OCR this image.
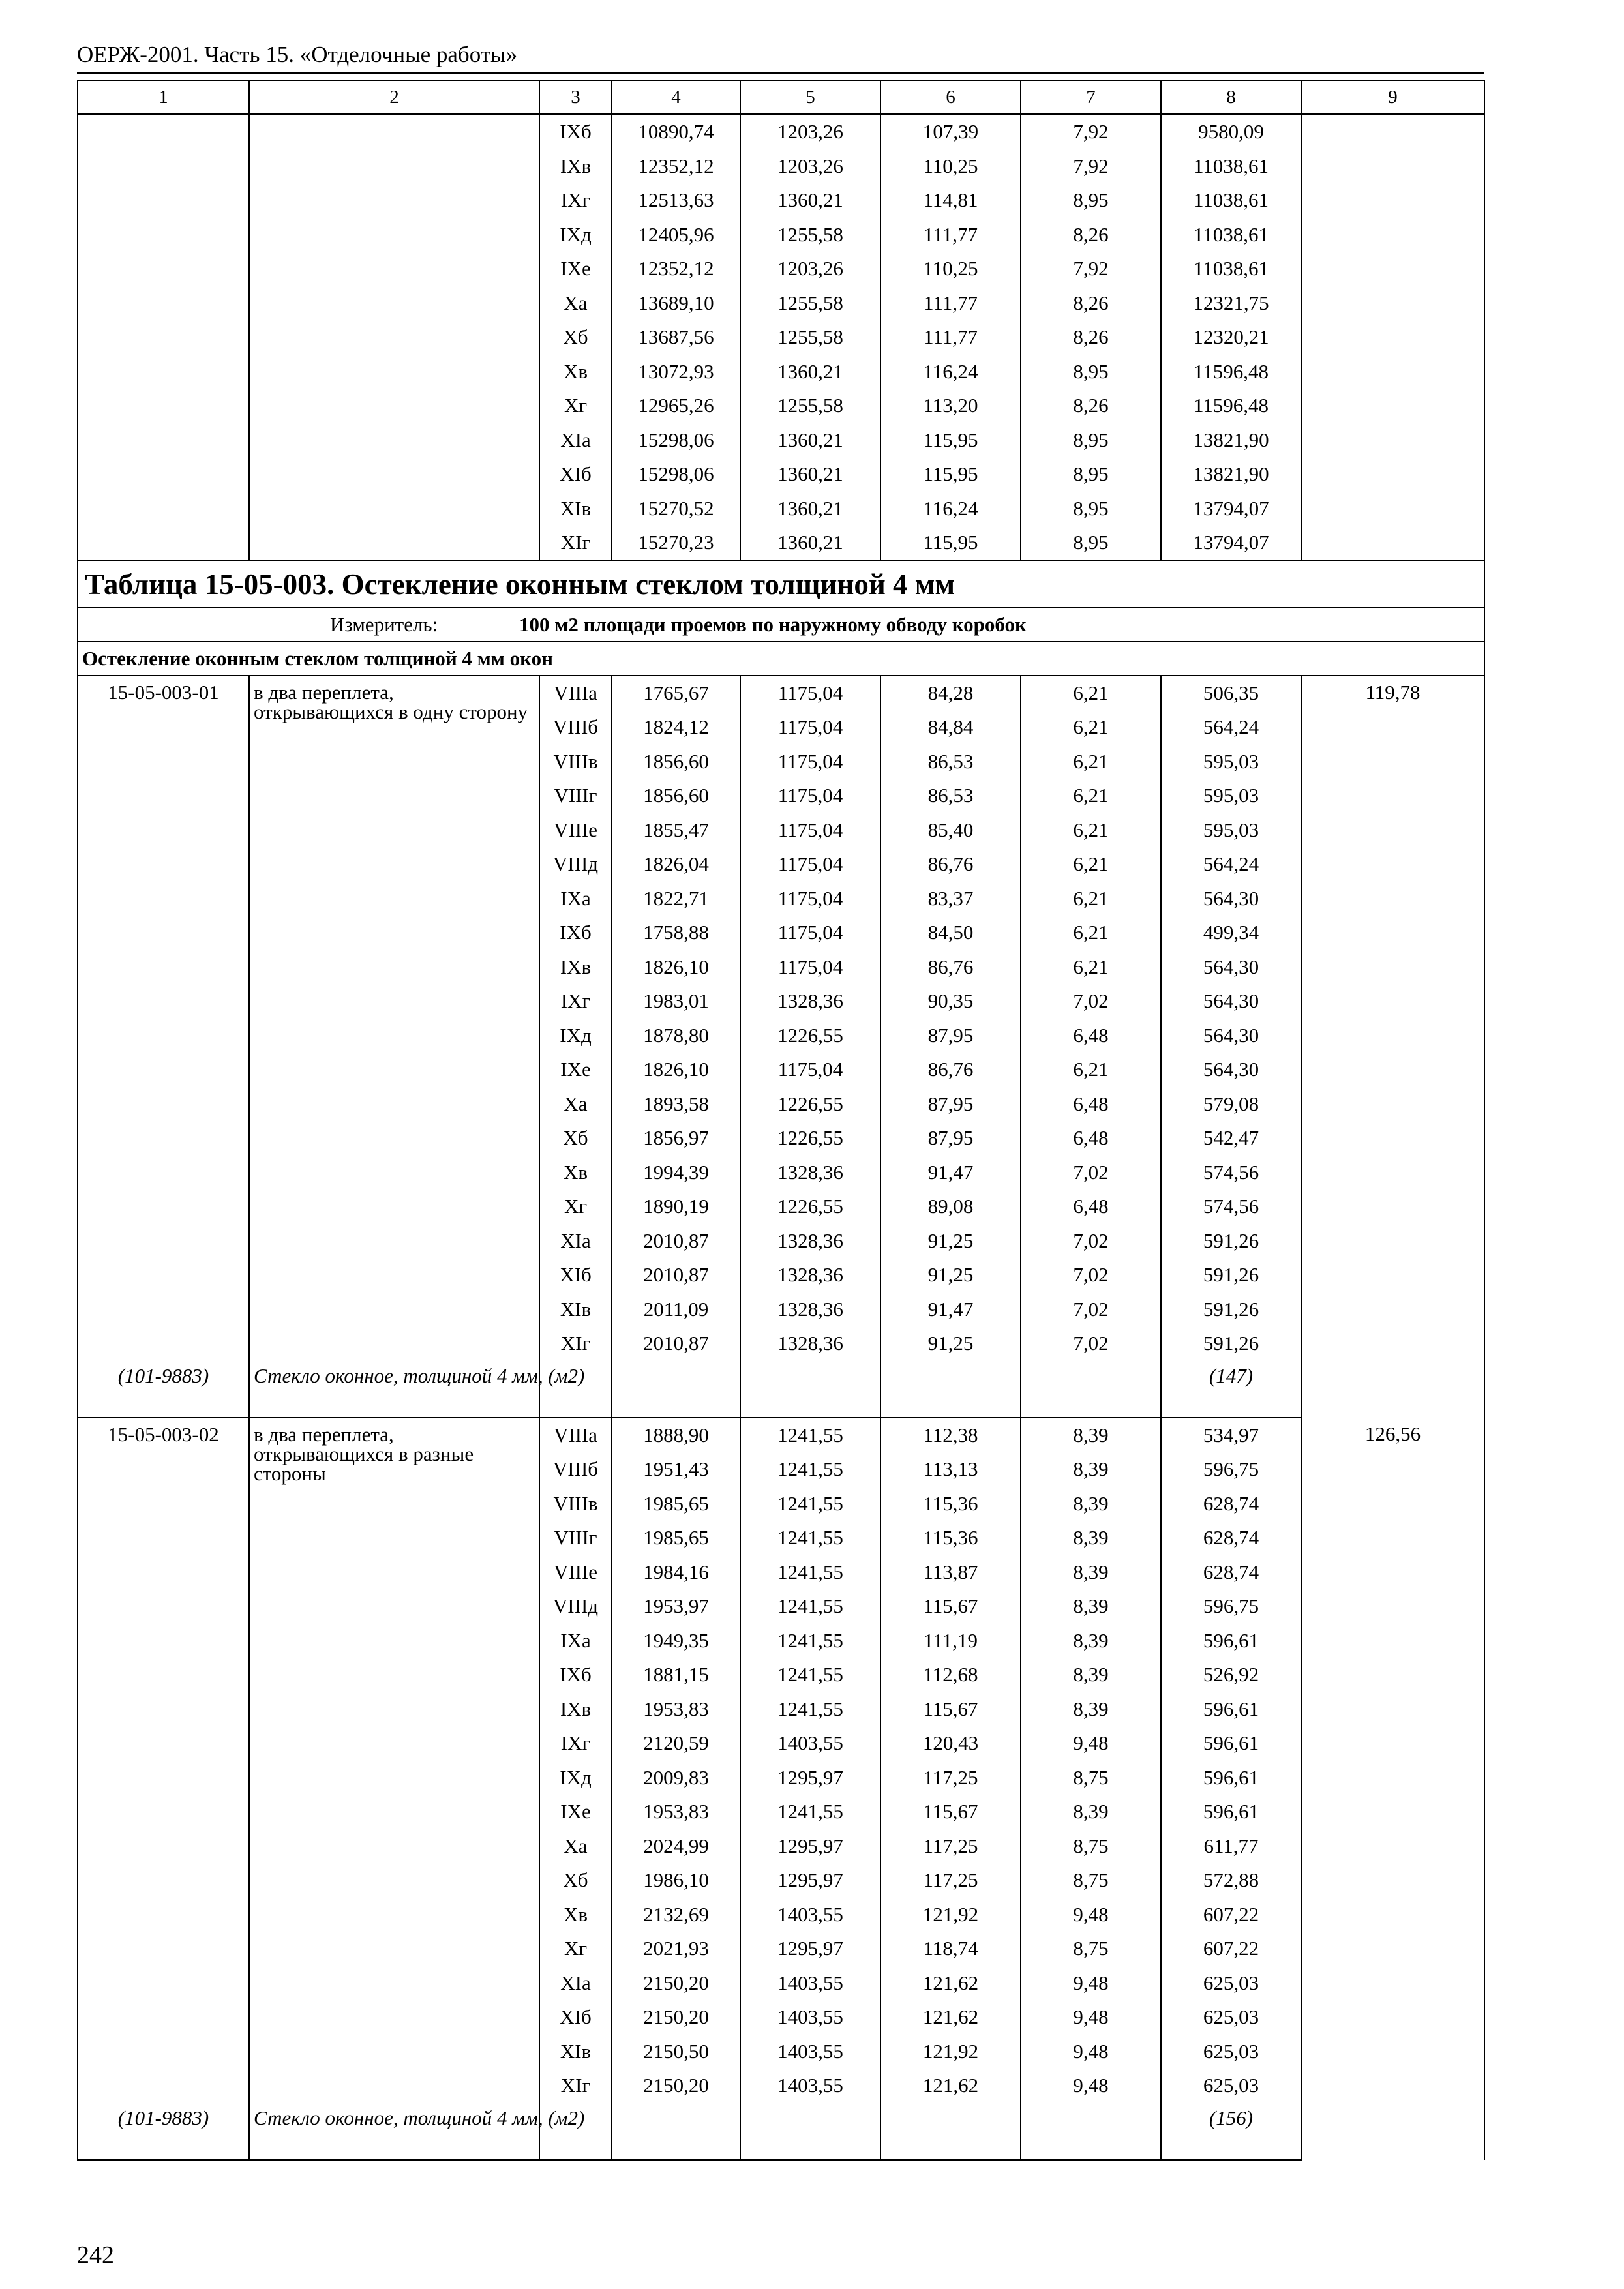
ОЕРЖ-2001. Часть 15. «Отделочные работы»
1	2	3	4	5	6	7	8	9
		IXб	10890,74	1203,26	107,39	7,92	9580,09	
		IXв	12352,12	1203,26	110,25	7,92	11038,61	
		IXг	12513,63	1360,21	114,81	8,95	11038,61	
		IXд	12405,96	1255,58	111,77	8,26	11038,61	
		IXе	12352,12	1203,26	110,25	7,92	11038,61	
		Xа	13689,10	1255,58	111,77	8,26	12321,75	
		Xб	13687,56	1255,58	111,77	8,26	12320,21	
		Xв	13072,93	1360,21	116,24	8,95	11596,48	
		Xг	12965,26	1255,58	113,20	8,26	11596,48	
		XIа	15298,06	1360,21	115,95	8,95	13821,90	
		XIб	15298,06	1360,21	115,95	8,95	13821,90	
		XIв	15270,52	1360,21	116,24	8,95	13794,07	
		XIг	15270,23	1360,21	115,95	8,95	13794,07	
Таблица 15-05-003. Остекление оконным стеклом толщиной 4 мм								
Измеритель: 100 м2 площади проемов по наружному обводу коробок								
Остекление оконным стеклом толщиной 4 мм окон								
15-05-003-01	в два переплета, открывающихся в одну сторону	VIIIа	1765,67	1175,04	84,28	6,21	506,35	119,78
		VIIIб	1824,12	1175,04	84,84	6,21	564,24	
		VIIIв	1856,60	1175,04	86,53	6,21	595,03	
		VIIIг	1856,60	1175,04	86,53	6,21	595,03	
		VIIIе	1855,47	1175,04	85,40	6,21	595,03	
		VIIIд	1826,04	1175,04	86,76	6,21	564,24	
		IXа	1822,71	1175,04	83,37	6,21	564,30	
		IXб	1758,88	1175,04	84,50	6,21	499,34	
		IXв	1826,10	1175,04	86,76	6,21	564,30	
		IXг	1983,01	1328,36	90,35	7,02	564,30	
		IXд	1878,80	1226,55	87,95	6,48	564,30	
		IXе	1826,10	1175,04	86,76	6,21	564,30	
		Xа	1893,58	1226,55	87,95	6,48	579,08	
		Xб	1856,97	1226,55	87,95	6,48	542,47	
		Xв	1994,39	1328,36	91,47	7,02	574,56	
		Xг	1890,19	1226,55	89,08	6,48	574,56	
		XIа	2010,87	1328,36	91,25	7,02	591,26	
		XIб	2010,87	1328,36	91,25	7,02	591,26	
		XIв	2011,09	1328,36	91,47	7,02	591,26	
		XIг	2010,87	1328,36	91,25	7,02	591,26	
(101-9883)	Стекло оконное, толщиной 4 мм, (м2)						(147)	
15-05-003-02	в два переплета, открывающихся в разные стороны	VIIIа	1888,90	1241,55	112,38	8,39	534,97	126,56
		VIIIб	1951,43	1241,55	113,13	8,39	596,75	
		VIIIв	1985,65	1241,55	115,36	8,39	628,74	
		VIIIг	1985,65	1241,55	115,36	8,39	628,74	
		VIIIе	1984,16	1241,55	113,87	8,39	628,74	
		VIIIд	1953,97	1241,55	115,67	8,39	596,75	
		IXа	1949,35	1241,55	111,19	8,39	596,61	
		IXб	1881,15	1241,55	112,68	8,39	526,92	
		IXв	1953,83	1241,55	115,67	8,39	596,61	
		IXг	2120,59	1403,55	120,43	9,48	596,61	
		IXд	2009,83	1295,97	117,25	8,75	596,61	
		IXе	1953,83	1241,55	115,67	8,39	596,61	
		Xа	2024,99	1295,97	117,25	8,75	611,77	
		Xб	1986,10	1295,97	117,25	8,75	572,88	
		Xв	2132,69	1403,55	121,92	9,48	607,22	
		Xг	2021,93	1295,97	118,74	8,75	607,22	
		XIа	2150,20	1403,55	121,62	9,48	625,03	
		XIб	2150,20	1403,55	121,62	9,48	625,03	
		XIв	2150,50	1403,55	121,92	9,48	625,03	
		XIг	2150,20	1403,55	121,62	9,48	625,03	
(101-9883)	Стекло оконное, толщиной 4 мм, (м2)						(156)	
242
